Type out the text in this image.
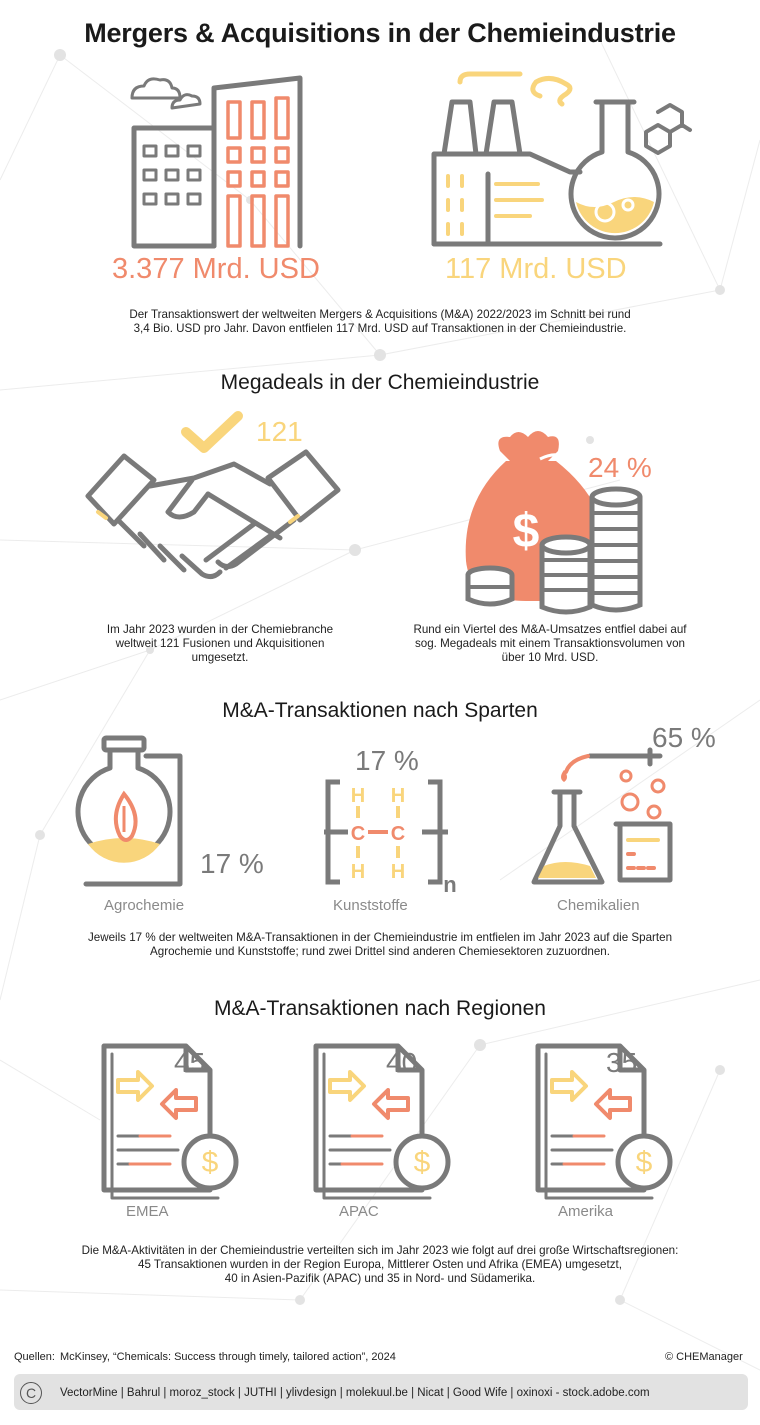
Mergers & Acquisitions in der Chemieindustrie
3.377 Mrd. USD	117 Mrd. USD
Der Transaktionswert der weltweiten Mergers & Acquisitions (M&A) 2022/2023 im Schnitt bei rund
3,4 Bio. USD pro Jahr. Davon entfielen 117 Mrd. USD auf Transaktionen in der Chemieindustrie.
Megadeals in der Chemieindustrie
121
Im Jahr 2023 wurden in der Chemiebranche
weltweit 121 Fusionen und Akquisitionen
umgesetzt.
$
24 %
Rund ein Viertel des M&A-Umsatzes entfiel dabei auf
sog. Megadeals mit einem Transaktionsvolumen von
über 10 Mrd. USD.
M&A-Transaktionen nach Sparten
17 %
Agrochemie
17 %
H H
C C
H H n
Kunststoffe
65 %
Chemikalien
Jeweils 17 % der weltweiten M&A-Transaktionen in der Chemieindustrie im entfielen im Jahr 2023 auf die Sparten
Agrochemie und Kunststoffe; rund zwei Drittel sind anderen Chemiesektoren zuzuordnen.
M&A-Transaktionen nach Regionen
$
45
EMEA
$
40
APAC
$
35
Amerika
Die M&A-Aktivitäten in der Chemieindustrie verteilten sich im Jahr 2023 wie folgt auf drei große Wirtschaftsregionen:
45 Transaktionen wurden in der Region Europa, Mittlerer Osten und Afrika (EMEA) umgesetzt,
40 in Asien-Pazifik (APAC) und 35 in Nord- und Südamerika.
Quellen: McKinsey, “Chemicals: Success through timely, tailored action”, 2024	© CHEManager
C	VectorMine | Bahrul | moroz_stock | JUTHI | ylivdesign | molekuul.be | Nicat | Good Wife | oxinoxi - stock.adobe.com
